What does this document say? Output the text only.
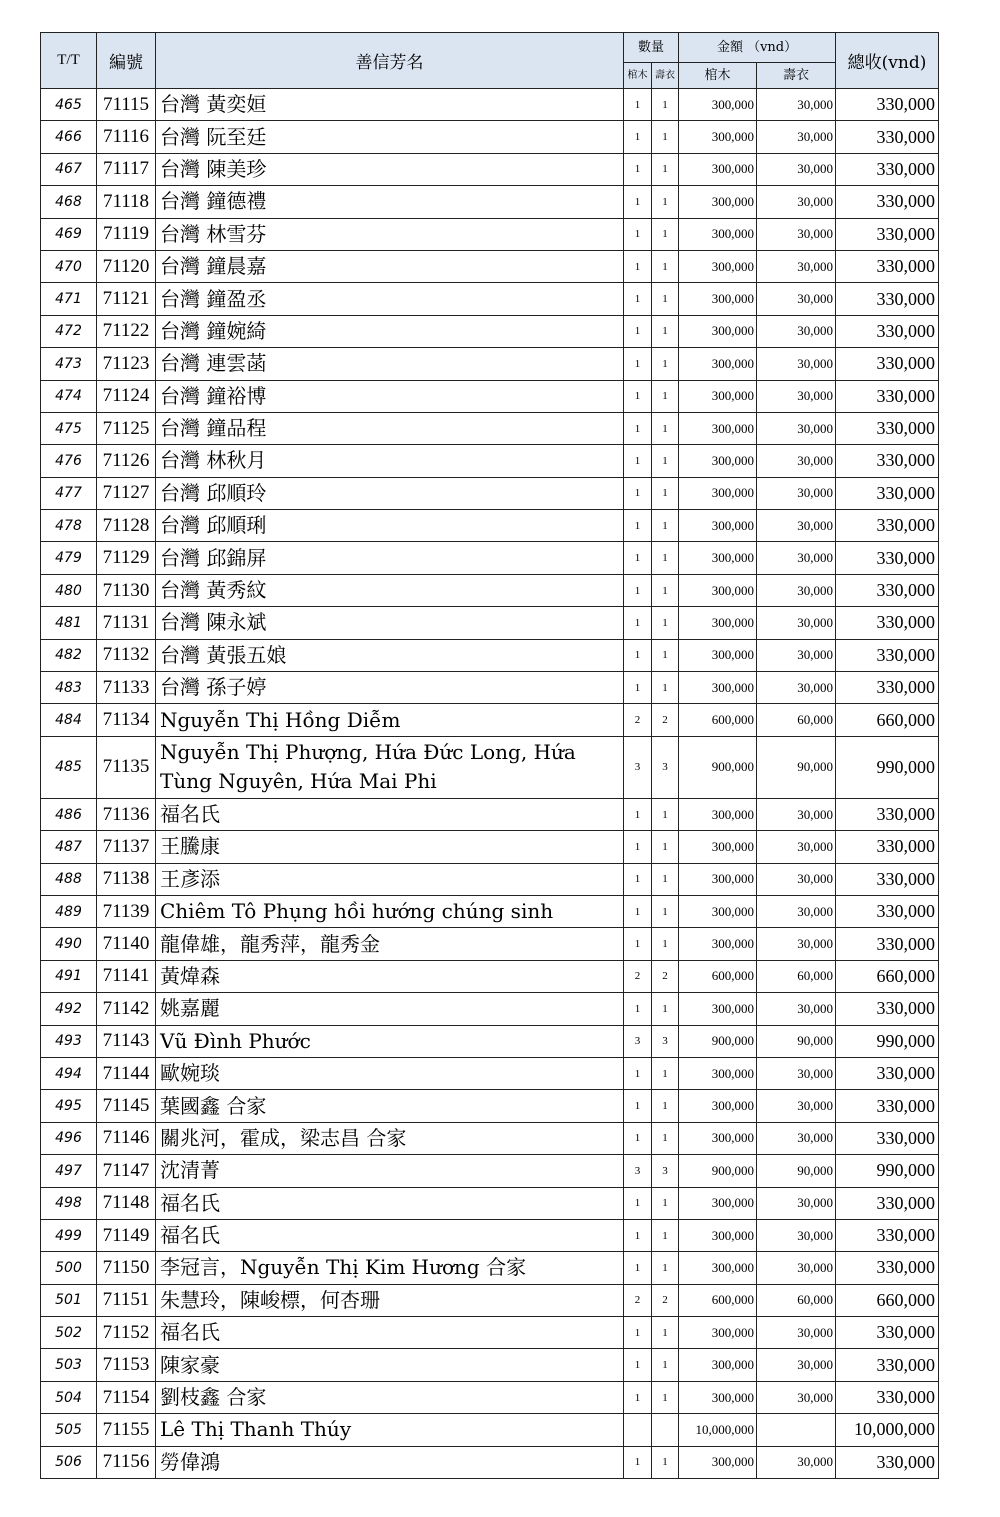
T/T	編號	善信芳名	數量		金額 （vnd）		總收(vnd)
			棺木	壽衣	棺木	壽衣	
465	71115	台灣 黃奕姮	1	1	300,000	30,000	330,000
466	71116	台灣 阮至廷	1	1	300,000	30,000	330,000
467	71117	台灣 陳美珍	1	1	300,000	30,000	330,000
468	71118	台灣 鐘德禮	1	1	300,000	30,000	330,000
469	71119	台灣 林雪芬	1	1	300,000	30,000	330,000
470	71120	台灣 鐘晨嘉	1	1	300,000	30,000	330,000
471	71121	台灣 鐘盈丞	1	1	300,000	30,000	330,000
472	71122	台灣 鐘婉綺	1	1	300,000	30,000	330,000
473	71123	台灣 連雲菡	1	1	300,000	30,000	330,000
474	71124	台灣 鐘裕博	1	1	300,000	30,000	330,000
475	71125	台灣 鐘品程	1	1	300,000	30,000	330,000
476	71126	台灣 林秋月	1	1	300,000	30,000	330,000
477	71127	台灣 邱順玲	1	1	300,000	30,000	330,000
478	71128	台灣 邱順琍	1	1	300,000	30,000	330,000
479	71129	台灣 邱錦屏	1	1	300,000	30,000	330,000
480	71130	台灣 黃秀紋	1	1	300,000	30,000	330,000
481	71131	台灣 陳永斌	1	1	300,000	30,000	330,000
482	71132	台灣 黃張五娘	1	1	300,000	30,000	330,000
483	71133	台灣 孫子婷	1	1	300,000	30,000	330,000
484	71134	Nguyễn Thị Hồng Diễm	2	2	600,000	60,000	660,000
485	71135	Nguyễn Thị Phượng, Hứa Đức Long, Hứa Tùng Nguyên, Hứa Mai Phi	3	3	900,000	90,000	990,000
486	71136	福名氏	1	1	300,000	30,000	330,000
487	71137	王騰康	1	1	300,000	30,000	330,000
488	71138	王彥添	1	1	300,000	30,000	330,000
489	71139	Chiêm Tô Phụng hồi hướng chúng sinh	1	1	300,000	30,000	330,000
490	71140	龍偉雄，龍秀萍，龍秀金	1	1	300,000	30,000	330,000
491	71141	黃煒森	2	2	600,000	60,000	660,000
492	71142	姚嘉麗	1	1	300,000	30,000	330,000
493	71143	Vũ Đình Phước	3	3	900,000	90,000	990,000
494	71144	歐婉琰	1	1	300,000	30,000	330,000
495	71145	葉國鑫 合家	1	1	300,000	30,000	330,000
496	71146	關兆河，霍成，梁志昌 合家	1	1	300,000	30,000	330,000
497	71147	沈清菁	3	3	900,000	90,000	990,000
498	71148	福名氏	1	1	300,000	30,000	330,000
499	71149	福名氏	1	1	300,000	30,000	330,000
500	71150	李冠言，Nguyễn Thị Kim Hương 合家	1	1	300,000	30,000	330,000
501	71151	朱慧玲，陳峻標，何杏珊	2	2	600,000	60,000	660,000
502	71152	福名氏	1	1	300,000	30,000	330,000
503	71153	陳家豪	1	1	300,000	30,000	330,000
504	71154	劉枝鑫 合家	1	1	300,000	30,000	330,000
505	71155	Lê Thị Thanh Thúy			10,000,000		10,000,000
506	71156	勞偉鴻	1	1	300,000	30,000	330,000
